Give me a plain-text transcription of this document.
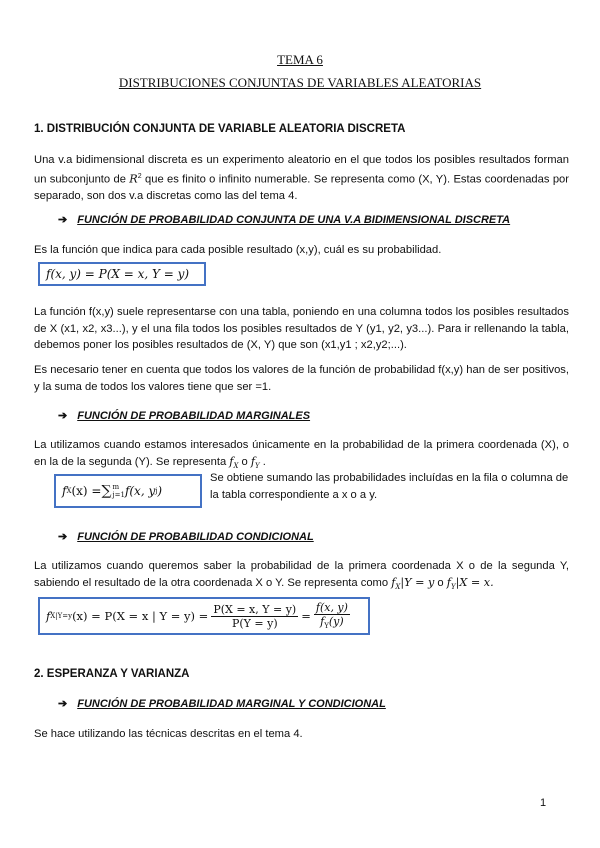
TEMA 6
DISTRIBUCIONES CONJUNTAS DE VARIABLES ALEATORIAS
1. DISTRIBUCIÓN CONJUNTA DE VARIABLE ALEATORIA DISCRETA
Una v.a bidimensional discreta es un experimento aleatorio en el que todos los posibles resultados forman un subconjunto de $R^2$ que es finito o infinito numerable. Se representa como (X, Y). Estas coordenadas por separado, son dos v.a discretas como las del tema 4.
➔ FUNCIÓN DE PROBABILIDAD CONJUNTA DE UNA V.A BIDIMENSIONAL DISCRETA
Es la función que indica para cada posible resultado (x,y), cuál es su probabilidad.
f(x, y) = P(X = x, Y = y)
La función f(x,y) suele representarse con una tabla, poniendo en una columna todos los posibles resultados de X (x1, x2, x3...), y el una fila todos los posibles resultados de Y (y1, y2, y3...). Para ir rellenando la tabla, debemos poner los posibles resultados de (X, Y) que son (x1,y1 ; x2,y2;...).
Es necesario tener en cuenta que todos los valores de la función de probabilidad f(x,y) han de ser positivos, y la suma de todos los valores tiene que ser =1.
➔ FUNCIÓN DE PROBABILIDAD MARGINALES
La utilizamos cuando estamos interesados únicamente en la probabilidad de la primera coordenada (X), o en la de la segunda (Y). Se representa $f_X$ o $f_Y$ .
f X (x) = ∑ m
j=1 f(x, y j )
Se obtiene sumando las probabilidades incluídas en la fila o columna de la tabla correspondiente a x o a y.
➔ FUNCIÓN DE PROBABILIDAD CONDICIONAL
La utilizamos cuando queremos saber la probabilidad de la primera coordenada X o de la segunda Y, sabiendo el resultado de la otra coordenada X o Y. Se representa como $f_X|Y = y$ o $f_Y|X = x$.
f X|Y=y (x) = P(X = x | $Y = y) = \frac{P(X = x, Y = y)}{P(Y = y)} = \frac{f(x, y)}{f_Y(y)}$
2. ESPERANZA Y VARIANZA
➔ FUNCIÓN DE PROBABILIDAD MARGINAL Y CONDICIONAL
Se hace utilizando las técnicas descritas en el tema 4.
1
